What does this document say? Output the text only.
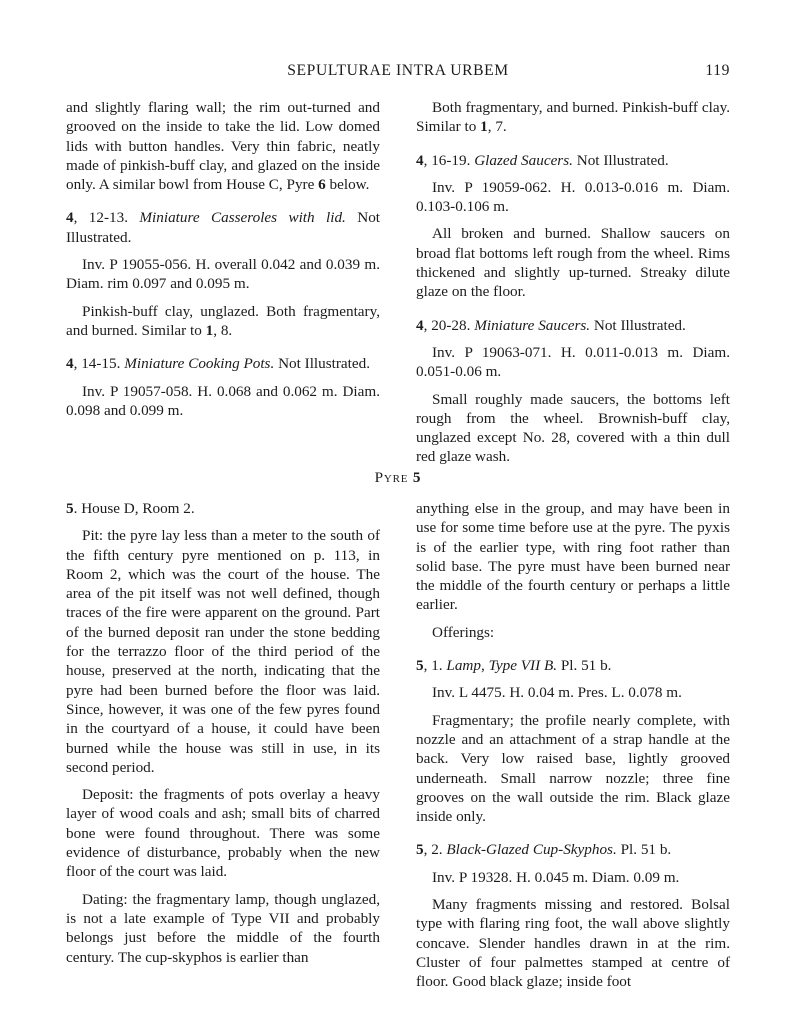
SEPULTURAE INTRA URBEM	119

and slightly flaring wall; the rim out-turned and grooved on the inside to take the lid. Low domed lids with button handles. Very thin fabric, neatly made of pinkish-buff clay, and glazed on the inside only. A similar bowl from House C, Pyre 6 below.

4, 12-13. Miniature Casseroles with lid. Not Illustrated.

Inv. P 19055-056. H. overall 0.042 and 0.039 m. Diam. rim 0.097 and 0.095 m.

Pinkish-buff clay, unglazed. Both fragmentary, and burned. Similar to 1, 8.

4, 14-15. Miniature Cooking Pots. Not Illustrated.

Inv. P 19057-058. H. 0.068 and 0.062 m. Diam. 0.098 and 0.099 m.

Both fragmentary, and burned. Pinkish-buff clay. Similar to 1, 7.

4, 16-19. Glazed Saucers. Not Illustrated.

Inv. P 19059-062. H. 0.013-0.016 m. Diam. 0.103-0.106 m.

All broken and burned. Shallow saucers on broad flat bottoms left rough from the wheel. Rims thickened and slightly up-turned. Streaky dilute glaze on the floor.

4, 20-28. Miniature Saucers. Not Illustrated.

Inv. P 19063-071. H. 0.011-0.013 m. Diam. 0.051-0.06 m.

Small roughly made saucers, the bottoms left rough from the wheel. Brownish-buff clay, unglazed except No. 28, covered with a thin dull red glaze wash.

Pyre 5

5. House D, Room 2.

Pit: the pyre lay less than a meter to the south of the fifth century pyre mentioned on p. 113, in Room 2, which was the court of the house. The area of the pit itself was not well defined, though traces of the fire were apparent on the ground. Part of the burned deposit ran under the stone bedding for the terrazzo floor of the third period of the house, preserved at the north, indicating that the pyre had been burned before the floor was laid. Since, however, it was one of the few pyres found in the courtyard of a house, it could have been burned while the house was still in use, in its second period.

Deposit: the fragments of pots overlay a heavy layer of wood coals and ash; small bits of charred bone were found throughout. There was some evidence of disturbance, probably when the new floor of the court was laid.

Dating: the fragmentary lamp, though unglazed, is not a late example of Type VII and probably belongs just before the middle of the fourth century. The cup-skyphos is earlier than

anything else in the group, and may have been in use for some time before use at the pyre. The pyxis is of the earlier type, with ring foot rather than solid base. The pyre must have been burned near the middle of the fourth century or perhaps a little earlier.

Offerings:

5, 1. Lamp, Type VII B. Pl. 51 b.

Inv. L 4475. H. 0.04 m. Pres. L. 0.078 m.

Fragmentary; the profile nearly complete, with nozzle and an attachment of a strap handle at the back. Very low raised base, lightly grooved underneath. Small narrow nozzle; three fine grooves on the wall outside the rim. Black glaze inside only.

5, 2. Black-Glazed Cup-Skyphos. Pl. 51 b.

Inv. P 19328. H. 0.045 m. Diam. 0.09 m.

Many fragments missing and restored. Bolsal type with flaring ring foot, the wall above slightly concave. Slender handles drawn in at the rim. Cluster of four palmettes stamped at centre of floor. Good black glaze; inside foot
